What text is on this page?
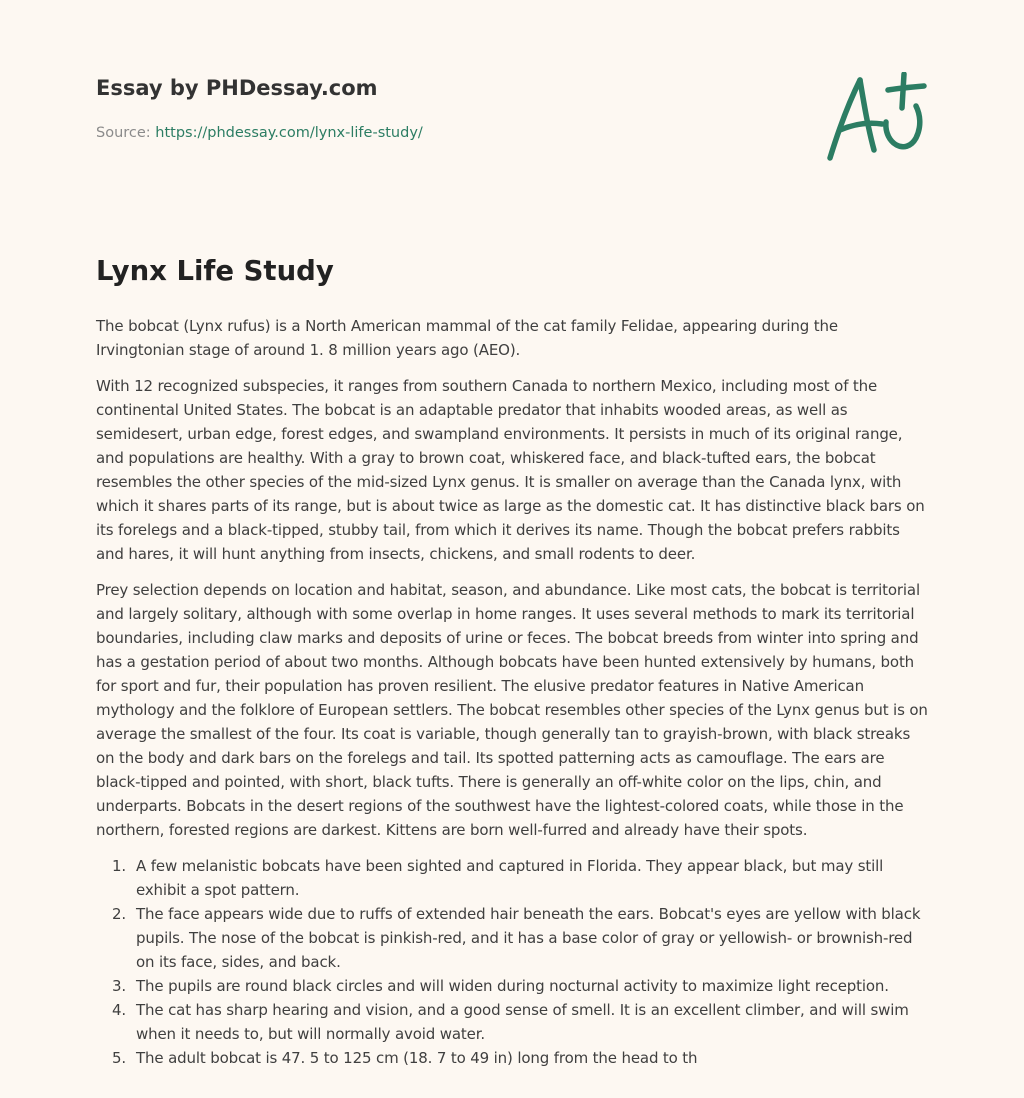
Essay by PHDessay.com
Source: https://phdessay.com/lynx-life-study/
Lynx Life Study

The bobcat (Lynx rufus) is a North American mammal of the cat family Felidae, appearing during the Irvingtonian stage of around 1. 8 million years ago (AEO).

With 12 recognized subspecies, it ranges from southern Canada to northern Mexico, including most of the continental United States. The bobcat is an adaptable predator that inhabits wooded areas, as well as semidesert, urban edge, forest edges, and swampland environments. It persists in much of its original range, and populations are healthy. With a gray to brown coat, whiskered face, and black-tufted ears, the bobcat resembles the other species of the mid-sized Lynx genus. It is smaller on average than the Canada lynx, with which it shares parts of its range, but is about twice as large as the domestic cat. It has distinctive black bars on its forelegs and a black-tipped, stubby tail, from which it derives its name. Though the bobcat prefers rabbits and hares, it will hunt anything from insects, chickens, and small rodents to deer.

Prey selection depends on location and habitat, season, and abundance. Like most cats, the bobcat is territorial and largely solitary, although with some overlap in home ranges. It uses several methods to mark its territorial boundaries, including claw marks and deposits of urine or feces. The bobcat breeds from winter into spring and has a gestation period of about two months. Although bobcats have been hunted extensively by humans, both for sport and fur, their population has proven resilient. The elusive predator features in Native American mythology and the folklore of European settlers. The bobcat resembles other species of the Lynx genus but is on average the smallest of the four. Its coat is variable, though generally tan to grayish-brown, with black streaks on the body and dark bars on the forelegs and tail. Its spotted patterning acts as camouflage. The ears are black-tipped and pointed, with short, black tufts. There is generally an off-white color on the lips, chin, and underparts. Bobcats in the desert regions of the southwest have the lightest-colored coats, while those in the northern, forested regions are darkest. Kittens are born well-furred and already have their spots.

1. A few melanistic bobcats have been sighted and captured in Florida. They appear black, but may still exhibit a spot pattern.
2. The face appears wide due to ruffs of extended hair beneath the ears. Bobcat's eyes are yellow with black pupils. The nose of the bobcat is pinkish-red, and it has a base color of gray or yellowish- or brownish-red on its face, sides, and back.
3. The pupils are round black circles and will widen during nocturnal activity to maximize light reception.
4. The cat has sharp hearing and vision, and a good sense of smell. It is an excellent climber, and will swim when it needs to, but will normally avoid water.
5. The adult bobcat is 47. 5 to 125 cm (18. 7 to 49 in) long from the head to th
